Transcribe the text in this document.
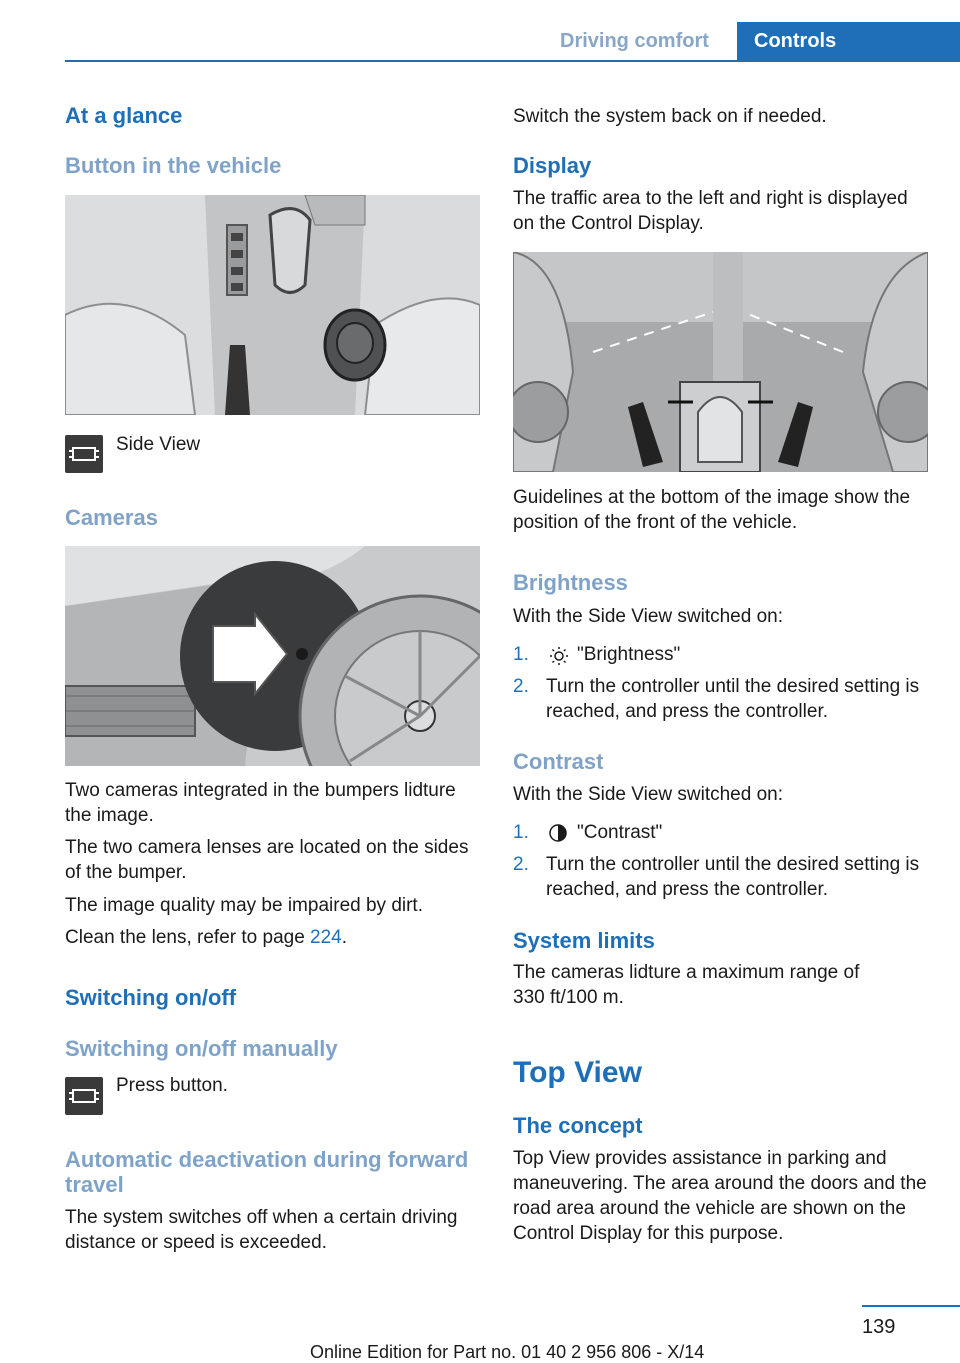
Driving comfort Controls
At a glance
Button in the vehicle
Side View
Cameras
Two cameras integrated in the bumpers lidture the image.
The two camera lenses are located on the sides of the bumper.
The image quality may be impaired by dirt.
Clean the lens, refer to page 224.
Switching on/off
Switching on/off manually
Press button.
Automatic deactivation during forward travel
The system switches off when a certain driving distance or speed is exceeded.
Switch the system back on if needed.
Display
The traffic area to the left and right is displayed on the Control Display.
Guidelines at the bottom of the image show the position of the front of the vehicle.
Brightness
With the Side View switched on:
1.	"Brightness"
2. Turn the controller until the desired setting is reached, and press the controller.
Contrast
With the Side View switched on:
1.	"Contrast"
2. Turn the controller until the desired setting is reached, and press the controller.
System limits
The cameras lidture a maximum range of 330 ft/100 m.
Top View
The concept
Top View provides assistance in parking and maneuvering. The area around the doors and the road area around the vehicle are shown on the Control Display for this purpose.
139
Online Edition for Part no. 01 40 2 956 806 - X/14
